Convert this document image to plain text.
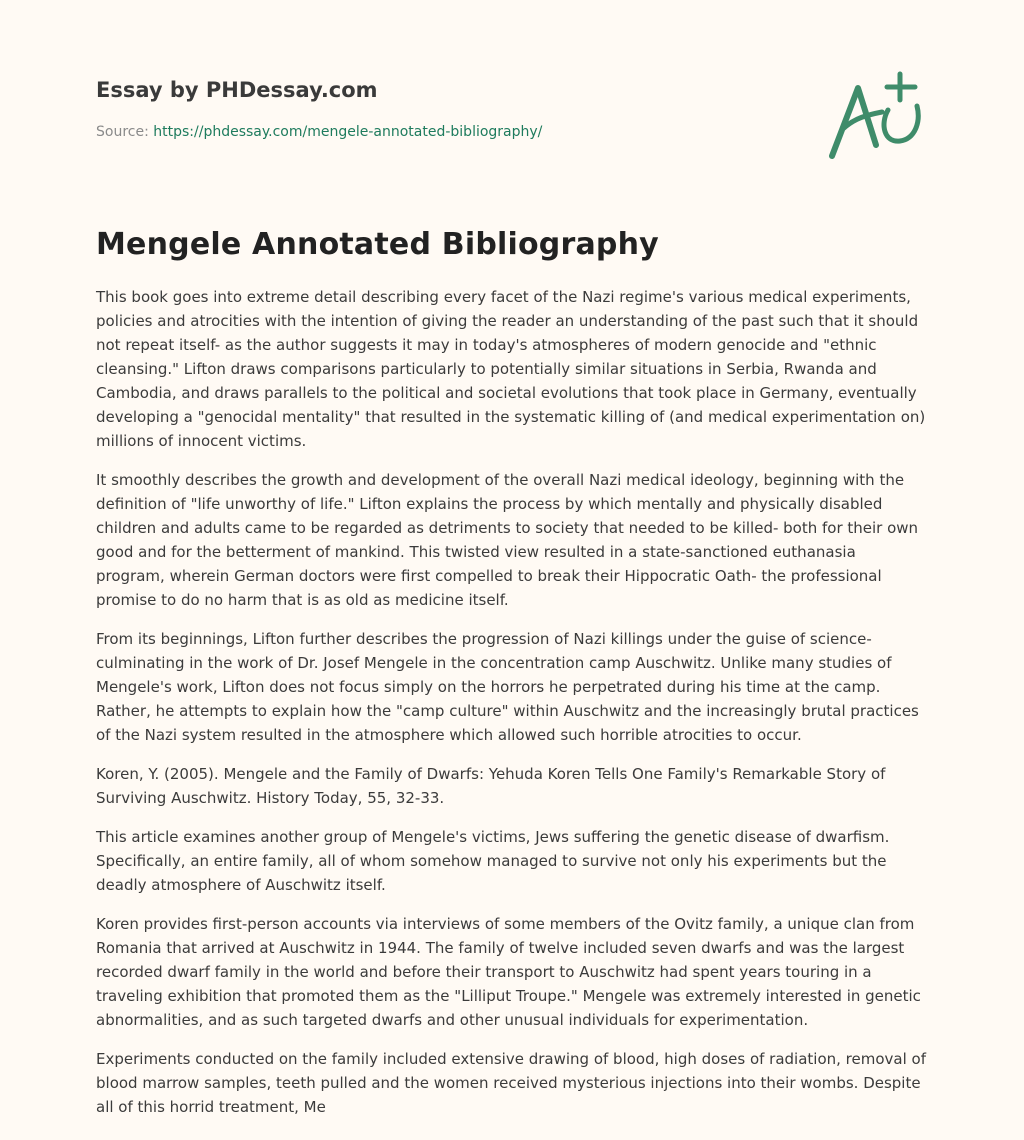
Essay by PHDessay.com
Source: https://phdessay.com/mengele-annotated-bibliography/
Mengele Annotated Bibliography

This book goes into extreme detail describing every facet of the Nazi regime's various medical experiments, policies and atrocities with the intention of giving the reader an understanding of the past such that it should not repeat itself- as the author suggests it may in today's atmospheres of modern genocide and "ethnic cleansing." Lifton draws comparisons particularly to potentially similar situations in Serbia, Rwanda and Cambodia, and draws parallels to the political and societal evolutions that took place in Germany, eventually developing a "genocidal mentality" that resulted in the systematic killing of (and medical experimentation on) millions of innocent victims.

It smoothly describes the growth and development of the overall Nazi medical ideology, beginning with the definition of "life unworthy of life." Lifton explains the process by which mentally and physically disabled children and adults came to be regarded as detriments to society that needed to be killed- both for their own good and for the betterment of mankind. This twisted view resulted in a state-sanctioned euthanasia program, wherein German doctors were first compelled to break their Hippocratic Oath- the professional promise to do no harm that is as old as medicine itself.

From its beginnings, Lifton further describes the progression of Nazi killings under the guise of science- culminating in the work of Dr. Josef Mengele in the concentration camp Auschwitz. Unlike many studies of Mengele's work, Lifton does not focus simply on the horrors he perpetrated during his time at the camp. Rather, he attempts to explain how the "camp culture" within Auschwitz and the increasingly brutal practices of the Nazi system resulted in the atmosphere which allowed such horrible atrocities to occur.

Koren, Y. (2005). Mengele and the Family of Dwarfs: Yehuda Koren Tells One Family's Remarkable Story of Surviving Auschwitz. History Today, 55, 32-33.

This article examines another group of Mengele's victims, Jews suffering the genetic disease of dwarfism. Specifically, an entire family, all of whom somehow managed to survive not only his experiments but the deadly atmosphere of Auschwitz itself.

Koren provides first-person accounts via interviews of some members of the Ovitz family, a unique clan from Romania that arrived at Auschwitz in 1944. The family of twelve included seven dwarfs and was the largest recorded dwarf family in the world and before their transport to Auschwitz had spent years touring in a traveling exhibition that promoted them as the "Lilliput Troupe." Mengele was extremely interested in genetic abnormalities, and as such targeted dwarfs and other unusual individuals for experimentation.

Experiments conducted on the family included extensive drawing of blood, high doses of radiation, removal of blood marrow samples, teeth pulled and the women received mysterious injections into their wombs. Despite all of this horrid treatment, Me
